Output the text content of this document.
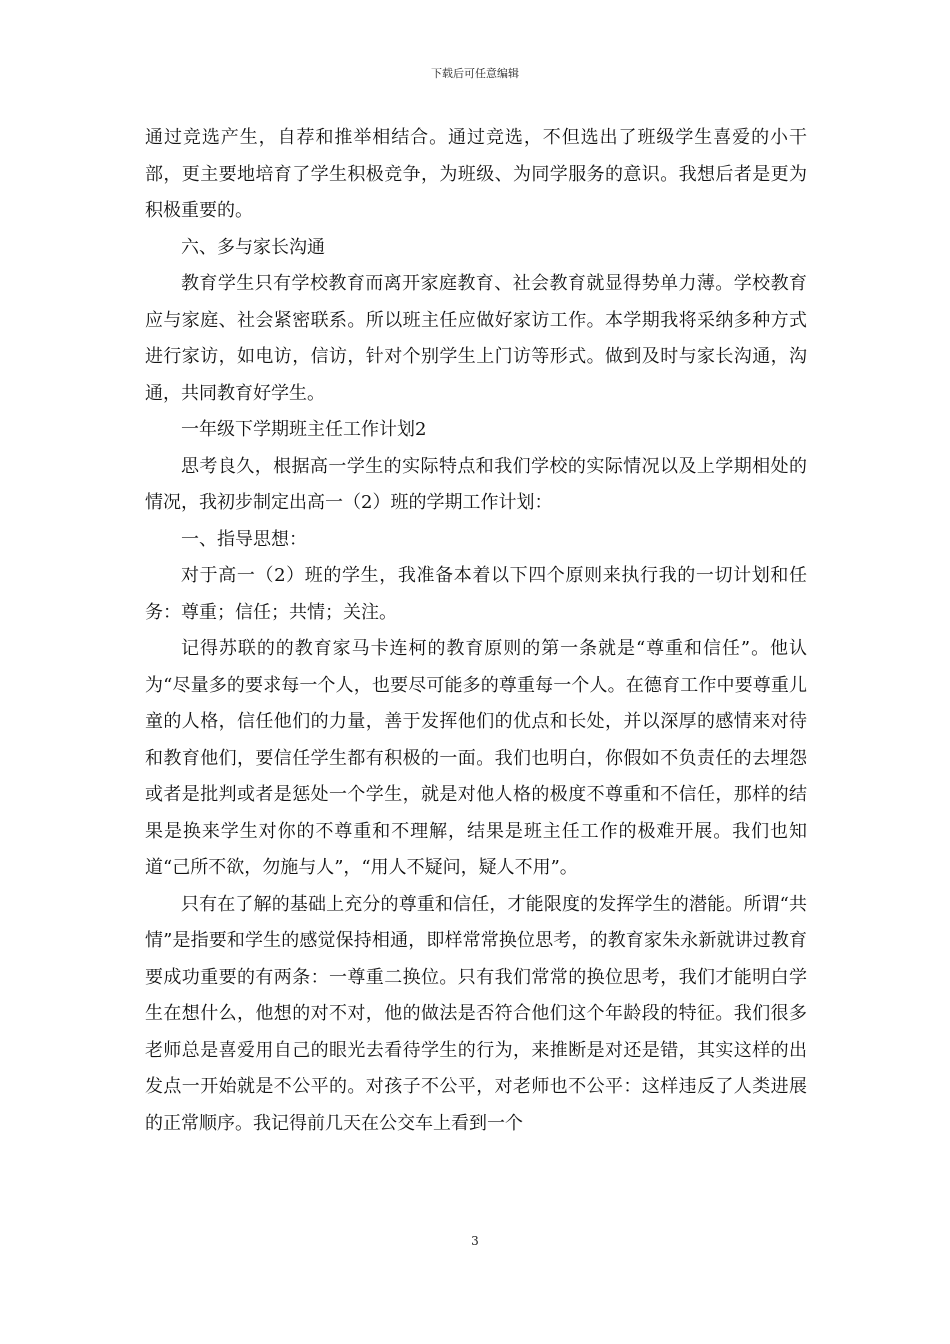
下载后可任意编辑

通过竞选产生，自荐和推举相结合。通过竞选，不但选出了班级学生喜爱的小干部，更主要地培育了学生积极竞争，为班级、为同学服务的意识。我想后者是更为积极重要的。

六、多与家长沟通

教育学生只有学校教育而离开家庭教育、社会教育就显得势单力薄。学校教育应与家庭、社会紧密联系。所以班主任应做好家访工作。本学期我将采纳多种方式进行家访，如电访，信访，针对个别学生上门访等形式。做到及时与家长沟通，沟通，共同教育好学生。

一年级下学期班主任工作计划2

思考良久，根据高一学生的实际特点和我们学校的实际情况以及上学期相处的情况，我初步制定出高一（2）班的学期工作计划：

一、指导思想：

对于高一（2）班的学生，我准备本着以下四个原则来执行我的一切计划和任务：尊重；信任；共情；关注。

记得苏联的的教育家马卡连柯的教育原则的第一条就是“尊重和信任”。他认为“尽量多的要求每一个人，也要尽可能多的尊重每一个人。在德育工作中要尊重儿童的人格，信任他们的力量，善于发挥他们的优点和长处，并以深厚的感情来对待和教育他们，要信任学生都有积极的一面。我们也明白，你假如不负责任的去埋怨或者是批判或者是惩处一个学生，就是对他人格的极度不尊重和不信任，那样的结果是换来学生对你的不尊重和不理解，结果是班主任工作的极难开展。我们也知道“己所不欲，勿施与人”，“用人不疑问，疑人不用”。

只有在了解的基础上充分的尊重和信任，才能限度的发挥学生的潜能。所谓“共情”是指要和学生的感觉保持相通，即样常常换位思考，的教育家朱永新就讲过教育要成功重要的有两条：一尊重二换位。只有我们常常的换位思考，我们才能明白学生在想什么，他想的对不对，他的做法是否符合他们这个年龄段的特征。我们很多老师总是喜爱用自己的眼光去看待学生的行为，来推断是对还是错，其实这样的出发点一开始就是不公平的。对孩子不公平，对老师也不公平：这样违反了人类进展的正常顺序。我记得前几天在公交车上看到一个

3
